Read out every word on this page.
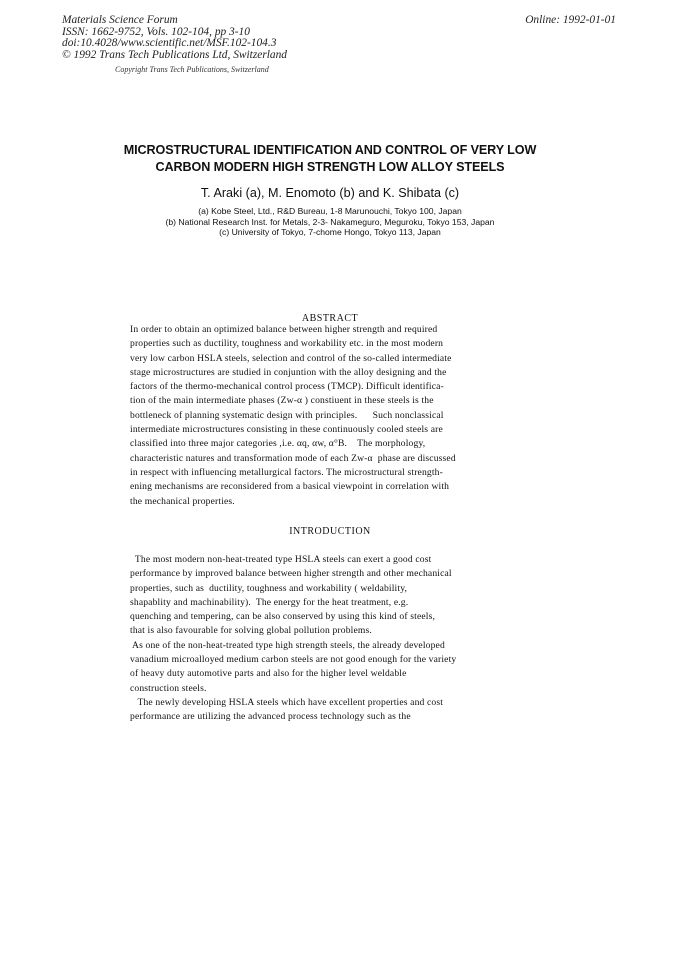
Materials Science Forum
ISSN: 1662-9752, Vols. 102-104, pp 3-10
doi:10.4028/www.scientific.net/MSF.102-104.3
© 1992 Trans Tech Publications Ltd, Switzerland
Online: 1992-01-01
Copyright Trans Tech Publications, Switzerland
MICROSTRUCTURAL IDENTIFICATION AND CONTROL OF VERY LOW
CARBON MODERN HIGH STRENGTH LOW ALLOY STEELS
T. Araki (a), M. Enomoto (b) and K. Shibata (c)
(a) Kobe Steel, Ltd., R&D Bureau, 1-8 Marunouchi, Tokyo 100, Japan
(b) National Research Inst. for Metals, 2-3- Nakameguro, Meguroku, Tokyo 153, Japan
(c) University of Tokyo, 7-chome Hongo, Tokyo 113, Japan
ABSTRACT
In order to obtain an optimized balance between higher strength and required
properties such as ductility, toughness and workability etc. in the most modern
very low carbon HSLA steels, selection and control of the so-called intermediate
stage microstructures are studied in conjuntion with the alloy designing and the
factors of the thermo-mechanical control process (TMCP). Difficult identifica-
tion of the main intermediate phases (Zw-α ) constiuent in these steels is the
bottleneck of planning systematic design with principles.      Such nonclassical
intermediate microstructures consisting in these continuously cooled steels are
classified into three major categories ,i.e. αq, αw, α°B.    The morphology,
characteristic natures and transformation mode of each Zw-α  phase are discussed
in respect with influencing metallurgical factors. The microstructural strength-
ening mechanisms are reconsidered from a basical viewpoint in correlation with
the mechanical properties.
INTRODUCTION
The most modern non-heat-treated type HSLA steels can exert a good cost
performance by improved balance between higher strength and other mechanical
properties, such as  ductility, toughness and workability ( weldability,
shapablity and machinability).  The energy for the heat treatment, e.g.
quenching and tempering, can be also conserved by using this kind of steels,
that is also favourable for solving global pollution problems.
As one of the non-heat-treated type high strength steels, the already developed
vanadium microalloyed medium carbon steels are not good enough for the variety
of heavy duty automotive parts and also for the higher level weldable
construction steels.
The newly developing HSLA steels which have excellent properties and cost
performance are utilizing the advanced process technology such as the
